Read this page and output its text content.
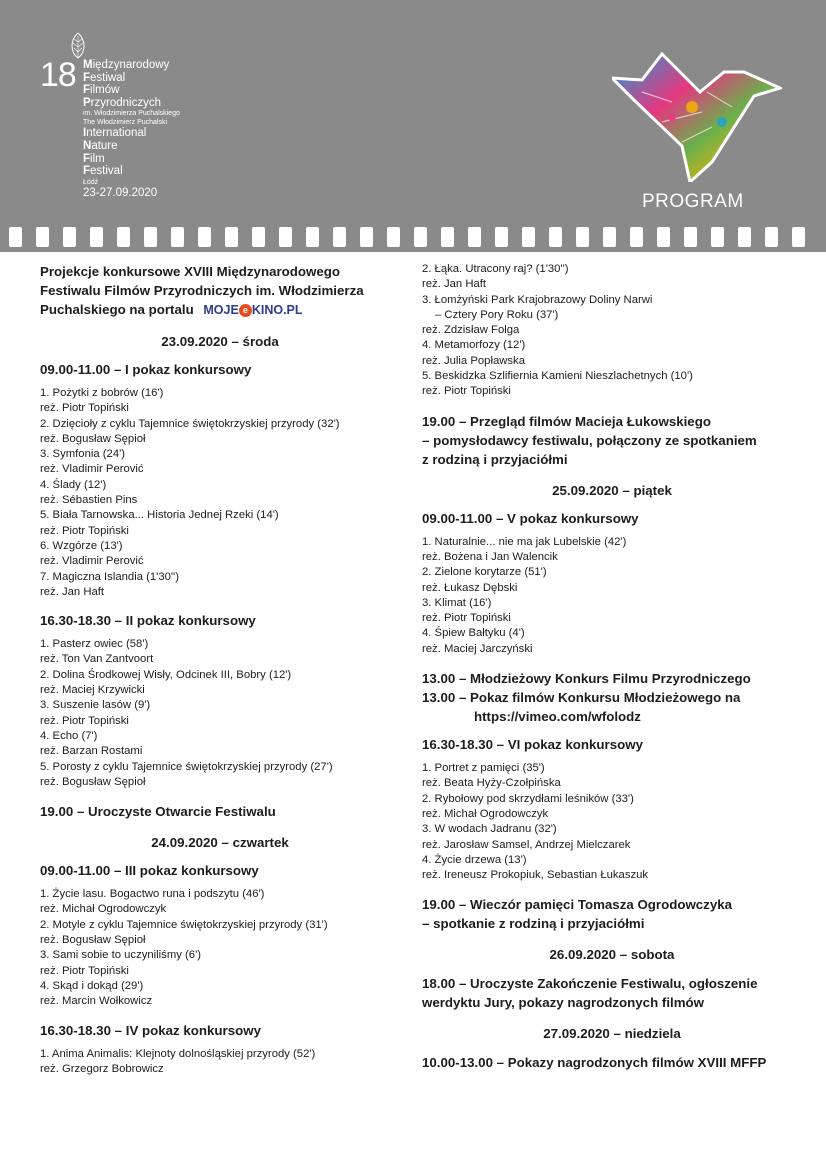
18 Międzynarodowy
Festiwal
Filmów
Przyrodniczych
im. Włodzimierza Puchalskiego
The Włodzimierz Puchalski
International
Nature
Film
Festival
Łódź
23-27.09.2020	PROGRAM
Projekcje konkursowe XVIII Międzynarodowego Festiwalu Filmów Przyrodniczych im. Włodzimierza Puchalskiego na portalu MOJE e KINO.PL
23.09.2020 – środa
09.00-11.00 – I pokaz konkursowy
1. Pożytki z bobrów (16')
reż. Piotr Topiński
2. Dzięcioły z cyklu Tajemnice świętokrzyskiej przyrody (32')
reż. Bogusław Sępioł
3. Symfonia (24')
reż. Vladimir Perović
4. Ślady (12')
reż. Sébastien Pins
5. Biała Tarnowska... Historia Jednej Rzeki (14')
reż. Piotr Topiński
6. Wzgórze (13')
reż. Vladimir Perović
7. Magiczna Islandia (1'30'')
reż. Jan Haft
16.30-18.30 – II pokaz konkursowy
1. Pasterz owiec (58')
reż. Ton Van Zantvoort
2. Dolina Środkowej Wisły, Odcinek III, Bobry (12')
reż. Maciej Krzywicki
3. Suszenie lasów (9')
reż. Piotr Topiński
4. Echo (7')
reż. Barzan Rostami
5. Porosty z cyklu Tajemnice świętokrzyskiej przyrody (27')
reż. Bogusław Sępioł
19.00 – Uroczyste Otwarcie Festiwalu
24.09.2020 – czwartek
09.00-11.00 – III pokaz konkursowy
1. Życie lasu. Bogactwo runa i podszytu (46')
reż. Michał Ogrodowczyk
2. Motyle z cyklu Tajemnice świętokrzyskiej przyrody (31')
reż. Bogusław Sępioł
3. Sami sobie to uczyniliśmy (6')
reż. Piotr Topiński
4. Skąd i dokąd (29')
reż. Marcin Wołkowicz
16.30-18.30 – IV pokaz konkursowy
1. Anima Animalis: Klejnoty dolnośląskiej przyrody (52')
reż. Grzegorz Bobrowicz
2. Łąka. Utracony raj? (1'30'')
reż. Jan Haft
3. Łomżyński Park Krajobrazowy Doliny Narwi
– Cztery Pory Roku (37')
reż. Zdzisław Folga
4. Metamorfozy (12')
reż. Julia Popławska
5. Beskidzka Szlifiernia Kamieni Nieszlachetnych (10')
reż. Piotr Topiński
19.00 – Przegląd filmów Macieja Łukowskiego
– pomysłodawcy festiwalu, połączony ze spotkaniem
z rodziną i przyjaciółmi
25.09.2020 – piątek
09.00-11.00 – V pokaz konkursowy
1. Naturalnie... nie ma jak Lubelskie (42')
reż. Bożena i Jan Walencik
2. Zielone korytarze (51')
reż. Łukasz Dębski
3. Klimat (16')
reż. Piotr Topiński
4. Śpiew Bałtyku (4')
reż. Maciej Jarczyński
13.00 – Młodzieżowy Konkurs Filmu Przyrodniczego
13.00 – Pokaz filmów Konkursu Młodzieżowego na
https://vimeo.com/wfolodz
16.30-18.30 – VI pokaz konkursowy
1. Portret z pamięci (35')
reż. Beata Hyży-Czołpińska
2. Rybołowy pod skrzydłami leśników (33')
reż. Michał Ogrodowczyk
3. W wodach Jadranu (32')
reż. Jarosław Samsel, Andrzej Mielczarek
4. Życie drzewa (13')
reż. Ireneusz Prokopiuk, Sebastian Łukaszuk
19.00 – Wieczór pamięci Tomasza Ogrodowczyka
– spotkanie z rodziną i przyjaciółmi
26.09.2020 – sobota
18.00 – Uroczyste Zakończenie Festiwalu, ogłoszenie werdyktu Jury, pokazy nagrodzonych filmów
27.09.2020 – niedziela
10.00-13.00 – Pokazy nagrodzonych filmów XVIII MFFP
